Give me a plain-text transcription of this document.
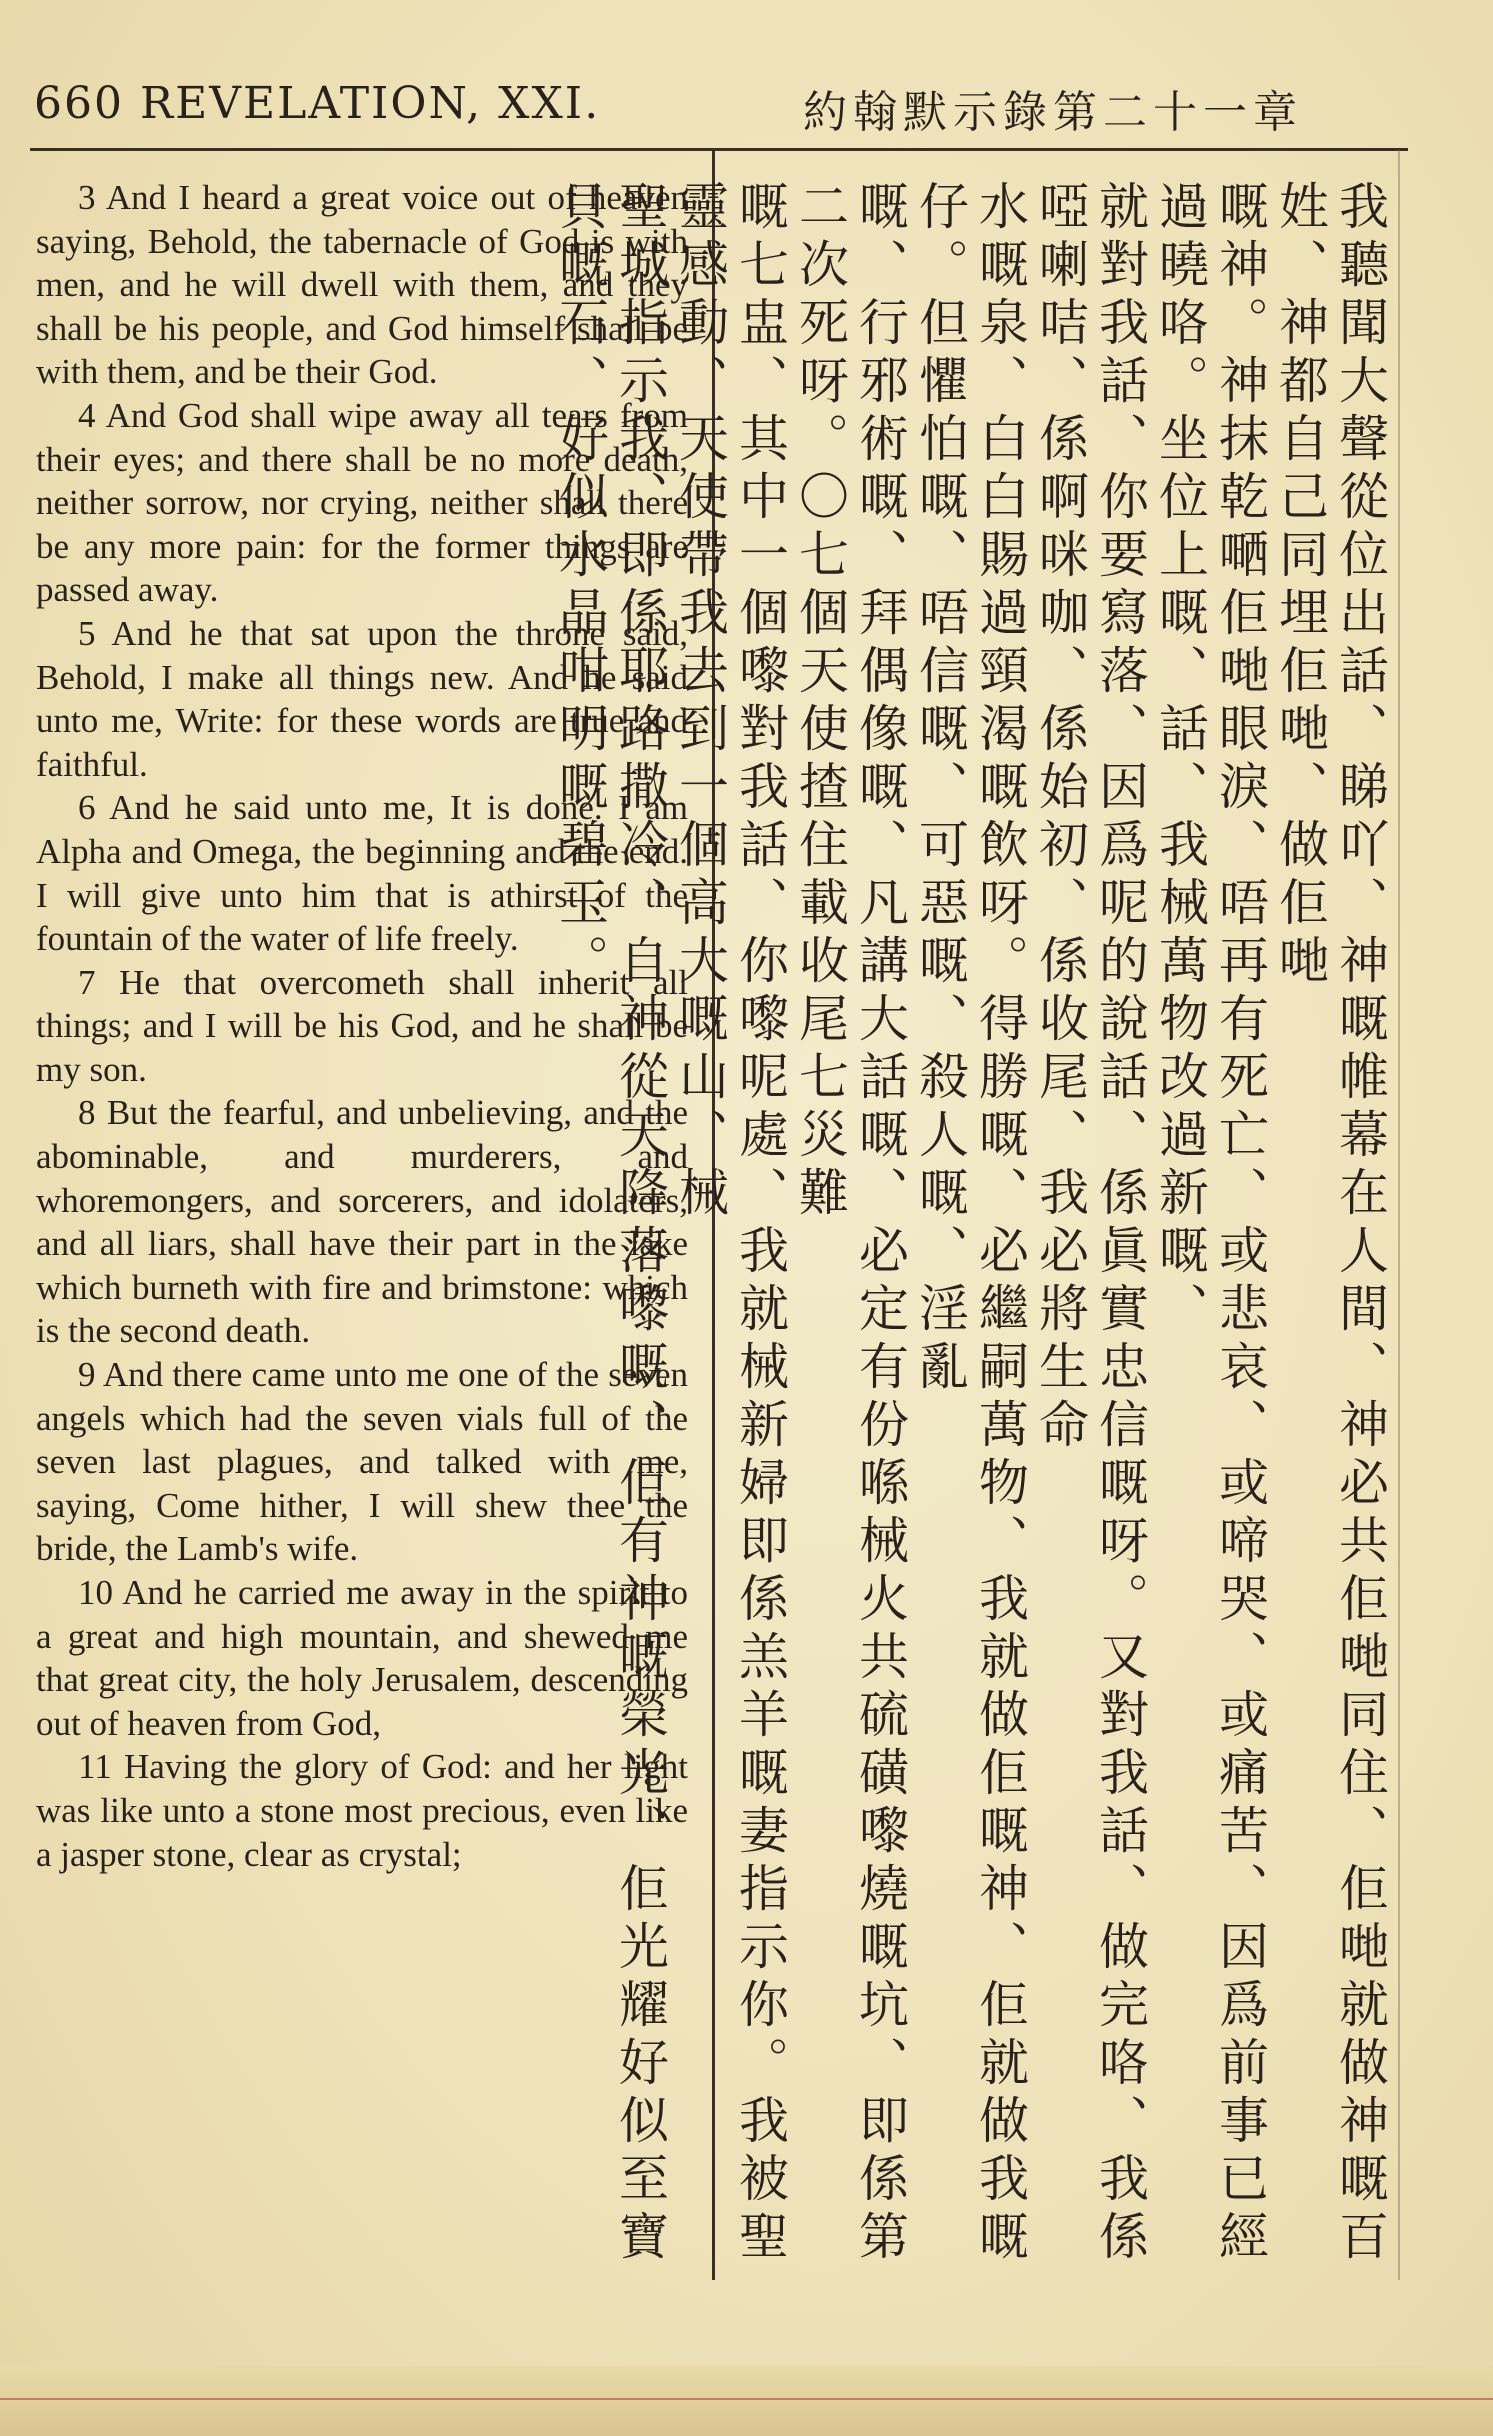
660 REVELATION, XXI.	約翰默示錄第二十一章

3 And I heard a great voice out of heaven saying, Behold, the tabernacle of God is with men, and he will dwell with them, and they shall be his people, and God himself shall be with them, and be their God.

4 And God shall wipe away all tears from their eyes; and there shall be no more death, neither sorrow, nor crying, neither shall there be any more pain: for the former things are passed away.

5 And he that sat upon the throne said, Behold, I make all things new. And he said unto me, Write: for these words are true and faithful.

6 And he said unto me, It is done. I am Alpha and Omega, the beginning and the end. I will give unto him that is athirst of the fountain of the water of life freely.

7 He that overcometh shall inherit all things; and I will be his God, and he shall be my son.

8 But the fearful, and unbelieving, and the abominable, and murderers, and whoremongers, and sorcerers, and idolaters, and all liars, shall have their part in the lake which burneth with fire and brimstone: which is the second death.

9 And there came unto me one of the seven angels which had the seven vials full of the seven last plagues, and talked with me, saying, Come hither, I will shew thee the bride, the Lamb's wife.

10 And he carried me away in the spirit to a great and high mountain, and shewed me that great city, the holy Jerusalem, descending out of heaven from God,

11 Having the glory of God: and her light was like unto a stone most precious, even like a jasper stone, clear as crystal;	我聽聞大聲從位出話、睇吖、神嘅帷幕在人間、神必共佢哋同住、佢哋就做神嘅百姓、神都自己同埋佢哋、做佢哋
嘅神。神抹乾嗮佢哋眼淚、唔再有死亡、或悲哀、或啼哭、或痛苦、因爲前事已經過曉咯。坐位上嘅、話、我械萬物改過新嘅、
就對我話、你要寫落、因爲呢的說話、係眞實忠信嘅呀。又對我話、做完咯、我係啞喇咭、係啊咪咖、係始初、係收尾、我必將生命
水嘅泉、白白賜過頸渴嘅飲呀。得勝嘅、必繼嗣萬物、我就做佢嘅神、佢就做我嘅仔。但懼怕嘅、唔信嘅、可惡嘅、殺人嘅、淫亂
嘅、行邪術嘅、拜偶像嘅、凡講大話嘅、必定有份喺械火共硫磺嚟燒嘅坑、即係第二次死呀。〇七個天使揸住載收尾七災難
嘅七盅、其中一個嚟對我話、你嚟呢處、我就械新婦即係羔羊嘅妻指示你。我被聖靈感動、天使帶我去到一個高大嘅山、械
聖城指示我、即係耶路撒冷、自神從天降落嚟嘅、佢有神嘅榮光、佢光耀好似至寶貝嘅石、好似水晶咁明嘅碧玉。
